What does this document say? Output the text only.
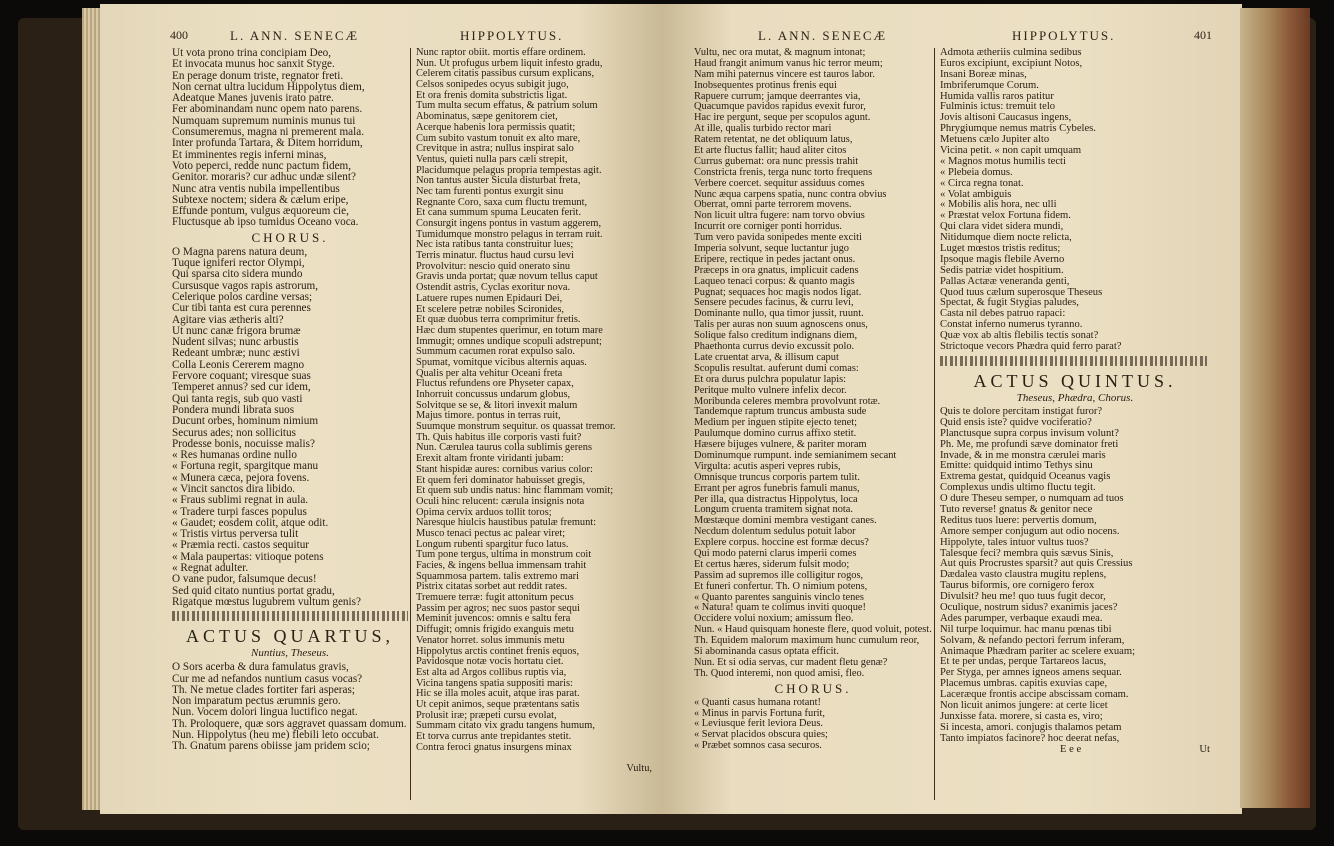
400	L. ANN. SENECÆ	HIPPOLYTUS.
Ut vota prono trina concipiam Deo,
Et invocata munus hoc sanxit Styge.
En perage donum triste, regnator freti.
Non cernat ultra lucidum Hippolytus diem,
Adeatque Manes juvenis irato patre.
Fer abominandam nunc opem nato parens.
Numquam supremum numinis munus tui
Consumeremus, magna ni premerent mala.
Inter profunda Tartara, & Ditem horridum,
Et imminentes regis inferni minas,
Voto peperci, redde nunc pactum fidem,
Genitor. moraris? cur adhuc undæ silent?
Nunc atra ventis nubila impellentibus
Subtexe noctem; sidera & cælum eripe,
Effunde pontum, vulgus æquoreum cie,
Fluctusque ab ipso tumidus Oceano voca.
CHORUS.
O Magna parens natura deum,
Tuque igniferi rector Olympi,
Qui sparsa cito sidera mundo
Cursusque vagos rapis astrorum,
Celerique polos cardine versas;
Cur tibi tanta est cura perennes
Agitare vias ætheris alti?
Ut nunc canæ frigora brumæ
Nudent silvas; nunc arbustis
Redeant umbræ; nunc æstivi
Colla Leonis Cererem magno
Fervore coquant; viresque suas
Temperet annus? sed cur idem,
Qui tanta regis, sub quo vasti
Pondera mundi librata suos
Ducunt orbes, hominum nimium
Securus ades; non sollicitus
Prodesse bonis, nocuisse malis?
« Res humanas ordine nullo
« Fortuna regit, spargitque manu
« Munera cæca, pejora fovens.
« Vincit sanctos dira libido.
« Fraus sublimi regnat in aula.
« Tradere turpi fasces populus
« Gaudet; eosdem colit, atque odit.
« Tristis virtus perversa tulit
« Præmia recti. castos sequitur
« Mala paupertas: vitioque potens
« Regnat adulter.
O vane pudor, falsumque decus!
Sed quid citato nuntius portat gradu,
Rigatque mœstus lugubrem vultum genis?
ACTUS QUARTUS,
Nuntius, Theseus.
O Sors acerba & dura famulatus gravis,
Cur me ad nefandos nuntium casus vocas?
Th. Ne metue clades fortiter fari asperas;
Non imparatum pectus ærumnis gero.
Nun. Vocem dolori lingua luctifico negat.
Th. Proloquere, quæ sors aggravet quassam domum.
Nun. Hippolytus (heu me) flebili leto occubat.
Th. Gnatum parens obiisse jam pridem scio;
Nunc raptor obiit. mortis effare ordinem.
Nun. Ut profugus urbem liquit infesto gradu,
Celerem citatis passibus cursum explicans,
Celsos sonipedes ocyus subigit jugo,
Et ora frenis domita substrictis ligat.
Tum multa secum effatus, & patrium solum
Abominatus, sæpe genitorem ciet,
Acerque habenis lora permissis quatit;
Cum subito vastum tonuit ex alto mare,
Crevitque in astra; nullus inspirat salo
Ventus, quieti nulla pars cæli strepit,
Placidumque pelagus propria tempestas agit.
Non tantus auster Sicula disturbat freta,
Nec tam furenti pontus exurgit sinu
Regnante Coro, saxa cum fluctu tremunt,
Et cana summum spuma Leucaten ferit.
Consurgit ingens pontus in vastum aggerem,
Tumidumque monstro pelagus in terram ruit.
Nec ista ratibus tanta construitur lues;
Terris minatur. fluctus haud cursu levi
Provolvitur: nescio quid onerato sinu
Gravis unda portat; quæ novum tellus caput
Ostendit astris, Cyclas exoritur nova.
Latuere rupes numen Epidauri Dei,
Et scelere petræ nobiles Scironides,
Et quæ duobus terra comprimitur fretis.
Hæc dum stupentes querimur, en totum mare
Immugit; omnes undique scopuli adstrepunt;
Summum cacumen rorat expulso salo.
Spumat, vomitque vicibus alternis aquas.
Qualis per alta vehitur Oceani freta
Fluctus refundens ore Physeter capax,
Inhorruit concussus undarum globus,
Solvitque se se, & litori invexit malum
Majus timore. pontus in terras ruit,
Suumque monstrum sequitur. os quassat tremor.
Th. Quis habitus ille corporis vasti fuit?
Nun. Cærulea taurus colla sublimis gerens
Erexit altam fronte viridanti jubam:
Stant hispidæ aures: cornibus varius color:
Et quem feri dominator habuisset gregis,
Et quem sub undis natus: hinc flammam vomit;
Oculi hinc relucent: cærula insignis nota
Opima cervix arduos tollit toros;
Naresque hiulcis haustibus patulæ fremunt:
Musco tenaci pectus ac palear viret;
Longum rubenti spargitur fuco latus.
Tum pone tergus, ultima in monstrum coit
Facies, & ingens bellua immensam trahit
Squammosa partem. talis extremo mari
Pistrix citatas sorbet aut reddit rates.
Tremuere terræ: fugit attonitum pecus
Passim per agros; nec suos pastor sequi
Meminit juvencos: omnis e saltu fera
Diffugit; omnis frigido exanguis metu
Venator horret. solus immunis metu
Hippolytus arctis continet frenis equos,
Pavidosque notæ vocis hortatu ciet.
Est alta ad Argos collibus ruptis via,
Vicina tangens spatia suppositi maris:
Hic se illa moles acuit, atque iras parat.
Ut cepit animos, seque prætentans satis
Prolusit iræ; præpeti cursu evolat,
Summam citato vix gradu tangens humum,
Et torva currus ante trepidantes stetit.
Contra feroci gnatus insurgens minax
Vultu,
L. ANN. SENECÆ	HIPPOLYTUS.	401
Vultu, nec ora mutat, & magnum intonat;
Haud frangit animum vanus hic terror meum;
Nam mihi paternus vincere est tauros labor.
Inobsequentes protinus frenis equi
Rapuere currum; jamque deerrantes via,
Quacumque pavidos rapidus evexit furor,
Hac ire pergunt, seque per scopulos agunt.
At ille, qualis turbido rector mari
Ratem retentat, ne det obliquum latus,
Et arte fluctus fallit; haud aliter citos
Currus gubernat: ora nunc pressis trahit
Constricta frenis, terga nunc torto frequens
Verbere coercet. sequitur assiduus comes
Nunc æqua carpens spatia, nunc contra obvius
Oberrat, omni parte terrorem movens.
Non licuit ultra fugere: nam torvo obvius
Incurrit ore corniger ponti horridus.
Tum vero pavida sonipedes mente exciti
Imperia solvunt, seque luctantur jugo
Eripere, rectique in pedes jactant onus.
Præceps in ora gnatus, implicuit cadens
Laqueo tenaci corpus: & quanto magis
Pugnat; sequaces hoc magis nodos ligat.
Sensere pecudes facinus, & curru levi,
Dominante nullo, qua timor jussit, ruunt.
Talis per auras non suum agnoscens onus,
Solique falso creditum indignans diem,
Phaethonta currus devio excussit polo.
Late cruentat arva, & illisum caput
Scopulis resultat. auferunt dumi comas:
Et ora durus pulchra populatur lapis:
Peritque multo vulnere infelix decor.
Moribunda celeres membra provolvunt rotæ.
Tandemque raptum truncus ambusta sude
Medium per inguen stipite ejecto tenet;
Paulumque domino currus affixo stetit.
Hæsere bijuges vulnere, & pariter moram
Dominumque rumpunt. inde semianimem secant
Virgulta: acutis asperi vepres rubis,
Omnisque truncus corporis partem tulit.
Errant per agros funebris famuli manus,
Per illa, qua distractus Hippolytus, loca
Longum cruenta tramitem signat nota.
Mœstæque domini membra vestigant canes.
Necdum dolentum sedulus potuit labor
Explere corpus. hoccine est formæ decus?
Qui modo paterni clarus imperii comes
Et certus hæres, siderum fulsit modo;
Passim ad supremos ille colligitur rogos,
Et funeri confertur. Th. O nimium potens,
« Quanto parentes sanguinis vinclo tenes
« Natura! quam te colimus inviti quoque!
Occidere volui noxium; amissum fleo.
Nun. « Haud quisquam honeste flere, quod voluit, potest.
Th. Equidem malorum maximum hunc cumulum reor,
Si abominanda casus optata efficit.
Nun. Et si odia servas, cur madent fletu genæ?
Th. Quod interemi, non quod amisi, fleo.
CHORUS.
« Quanti casus humana rotant!
« Minus in parvis Fortuna furit,
« Leviusque ferit leviora Deus.
« Servat placidos obscura quies;
« Præbet somnos casa securos.
Admota ætheriis culmina sedibus
Euros excipiunt, excipiunt Notos,
Insani Boreæ minas,
Imbriferumque Corum.
Humida vallis raros patitur
Fulminis ictus: tremuit telo
Jovis altisoni Caucasus ingens,
Phrygiumque nemus matris Cybeles.
Metuens cælo Jupiter alto
Vicina petit. « non capit umquam
« Magnos motus humilis tecti
« Plebeia domus.
« Circa regna tonat.
« Volat ambiguis
« Mobilis alis hora, nec ulli
« Præstat velox Fortuna fidem.
Qui clara videt sidera mundi,
Nitidumque diem nocte relicta,
Luget mœstos tristis reditus;
Ipsoque magis flebile Averno
Sedis patriæ videt hospitium.
Pallas Actææ veneranda genti,
Quod tuus cælum superosque Theseus
Spectat, & fugit Stygias paludes,
Casta nil debes patruo rapaci:
Constat inferno numerus tyranno.
Quæ vox ab altis flebilis tectis sonat?
Strictoque vecors Phædra quid ferro parat?
ACTUS QUINTUS.
Theseus, Phædra, Chorus.
Quis te dolore percitam instigat furor?
Quid ensis iste? quidve vociferatio?
Planctusque supra corpus invisum volunt?
Ph. Me, me profundi sæve dominator freti
Invade, & in me monstra cærulei maris
Emitte: quidquid intimo Tethys sinu
Extrema gestat, quidquid Oceanus vagis
Complexus undis ultimo fluctu tegit.
O dure Theseu semper, o numquam ad tuos
Tuto reverse! gnatus & genitor nece
Reditus tuos luere: pervertis domum,
Amore semper conjugum aut odio nocens.
Hippolyte, tales intuor vultus tuos?
Talesque feci? membra quis sævus Sinis,
Aut quis Procrustes sparsit? aut quis Cressius
Dædalea vasto claustra mugitu replens,
Taurus biformis, ore cornigero ferox
Divulsit? heu me! quo tuus fugit decor,
Oculique, nostrum sidus? exanimis jaces?
Ades parumper, verbaque exaudi mea.
Nil turpe loquimur. hac manu pœnas tibi
Solvam, & nefando pectori ferrum inferam,
Animaque Phædram pariter ac scelere exuam;
Et te per undas, perque Tartareos lacus,
Per Styga, per amnes igneos amens sequar.
Placemus umbras. capitis exuvias cape,
Laceræque frontis accipe abscissam comam.
Non licuit animos jungere: at certe licet
Junxisse fata. morere, si casta es, viro;
Si incesta, amori. conjugis thalamos petam
Tanto impiatos facinore? hoc deerat nefas,
E e e	Ut
